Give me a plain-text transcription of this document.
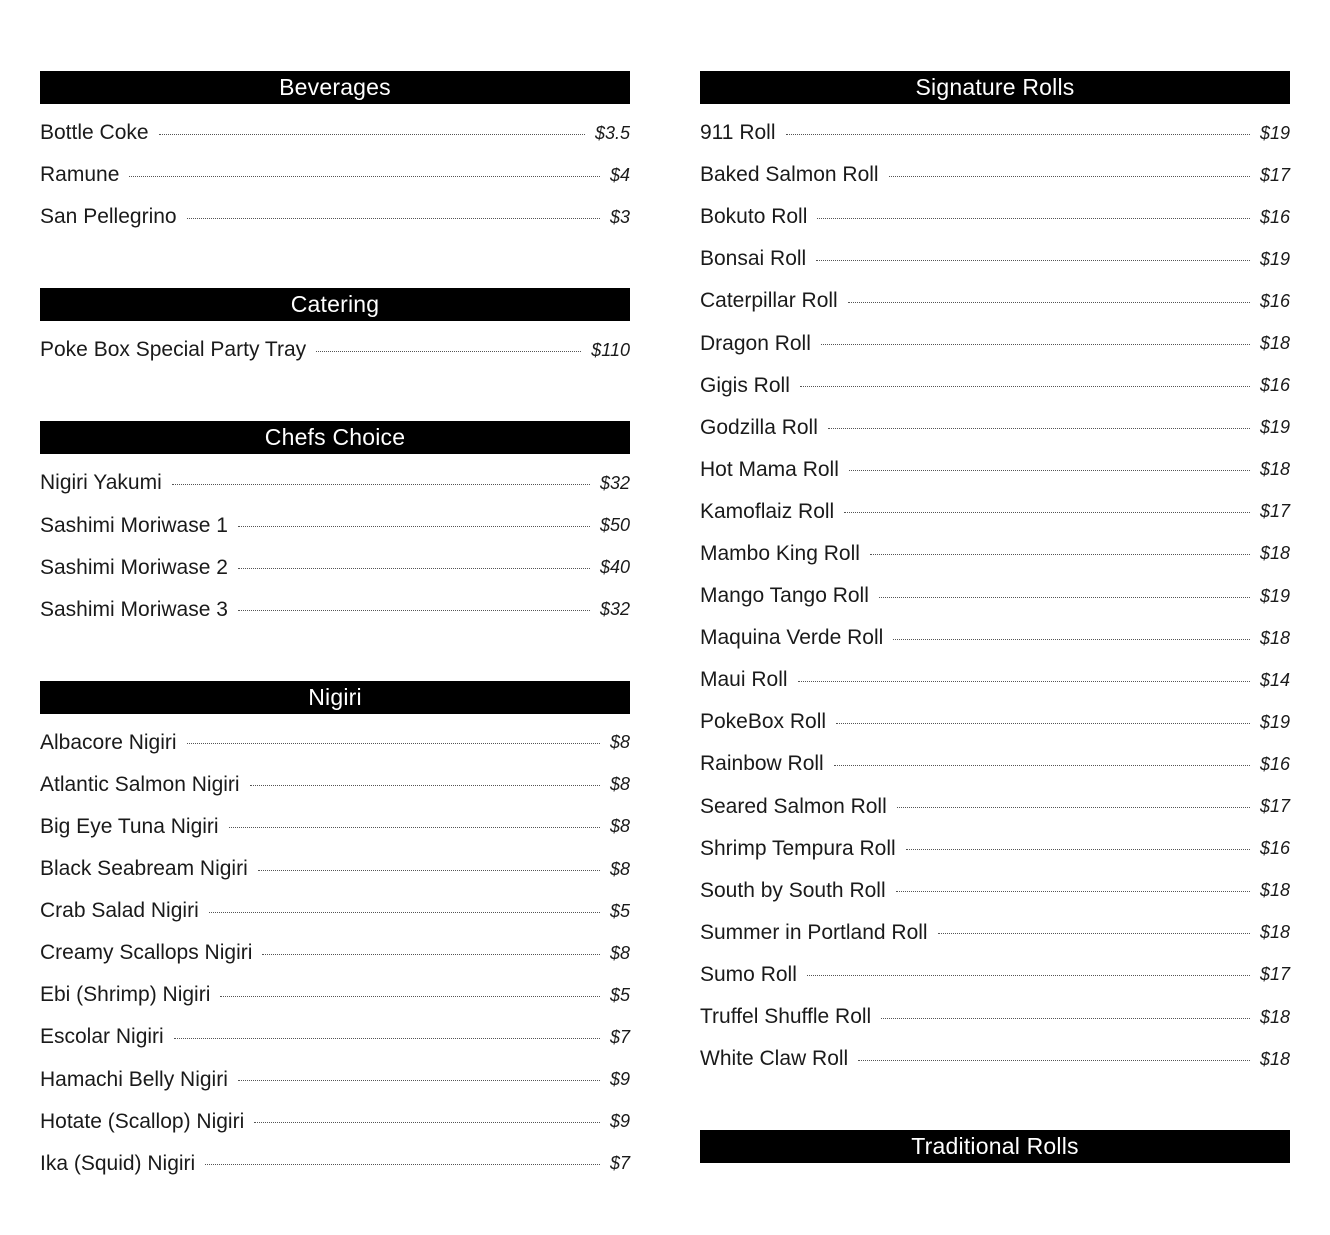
Beverages
Bottle Coke	$3.5
Ramune	$4
San Pellegrino	$3
Catering
Poke Box Special Party Tray	$110
Chefs Choice
Nigiri Yakumi	$32
Sashimi Moriwase 1	$50
Sashimi Moriwase 2	$40
Sashimi Moriwase 3	$32
Nigiri
Albacore Nigiri	$8
Atlantic Salmon Nigiri	$8
Big Eye Tuna Nigiri	$8
Black Seabream Nigiri	$8
Crab Salad Nigiri	$5
Creamy Scallops Nigiri	$8
Ebi (Shrimp) Nigiri	$5
Escolar Nigiri	$7
Hamachi Belly Nigiri	$9
Hotate (Scallop) Nigiri	$9
Ika (Squid) Nigiri	$7
Signature Rolls
911 Roll	$19
Baked Salmon Roll	$17
Bokuto Roll	$16
Bonsai Roll	$19
Caterpillar Roll	$16
Dragon Roll	$18
Gigis Roll	$16
Godzilla Roll	$19
Hot Mama Roll	$18
Kamoflaiz Roll	$17
Mambo King Roll	$18
Mango Tango Roll	$19
Maquina Verde Roll	$18
Maui Roll	$14
PokeBox Roll	$19
Rainbow Roll	$16
Seared Salmon Roll	$17
Shrimp Tempura Roll	$16
South by South Roll	$18
Summer in Portland Roll	$18
Sumo Roll	$17
Truffel Shuffle Roll	$18
White Claw Roll	$18
Traditional Rolls
